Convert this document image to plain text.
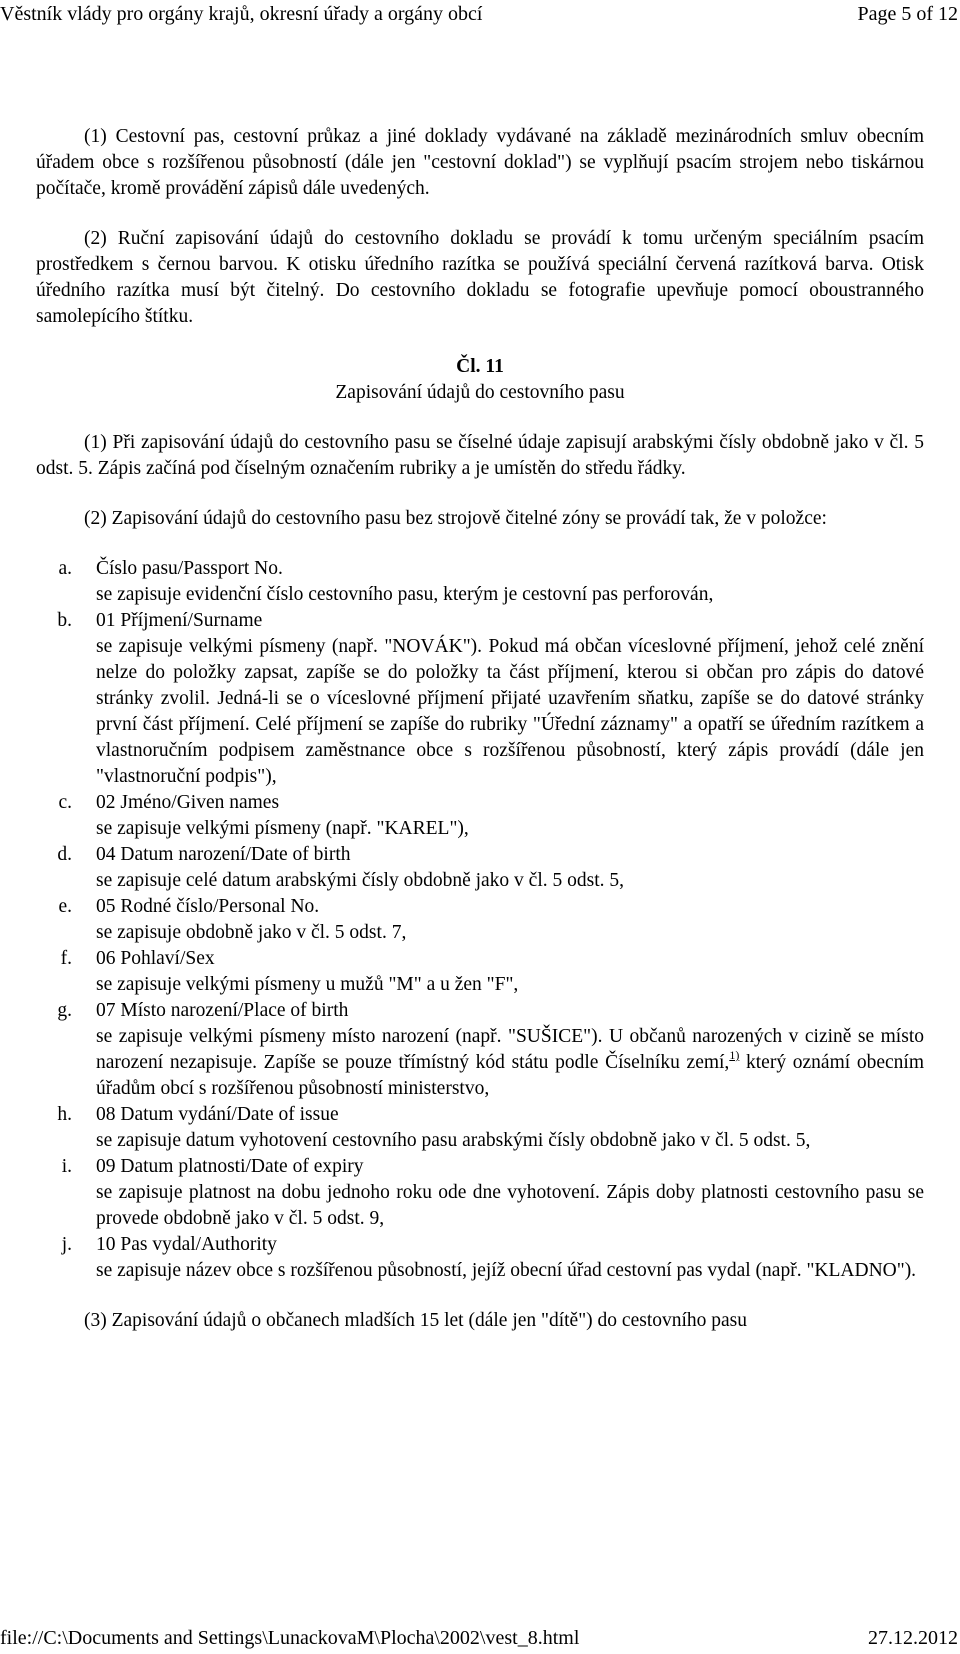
Věstník vlády pro orgány krajů, okresní úřady a orgány obcí	Page 5 of 12

(1) Cestovní pas, cestovní průkaz a jiné doklady vydávané na základě mezinárodních smluv obecním úřadem obce s rozšířenou působností (dále jen "cestovní doklad") se vyplňují psacím strojem nebo tiskárnou počítače, kromě provádění zápisů dále uvedených.

(2) Ruční zapisování údajů do cestovního dokladu se provádí k tomu určeným speciálním psacím prostředkem s černou barvou. K otisku úředního razítka se používá speciální červená razítková barva. Otisk úředního razítka musí být čitelný. Do cestovního dokladu se fotografie upevňuje pomocí oboustranného samolepícího štítku.

Čl. 11

Zapisování údajů do cestovního pasu

(1) Při zapisování údajů do cestovního pasu se číselné údaje zapisují arabskými čísly obdobně jako v čl. 5 odst. 5. Zápis začíná pod číselným označením rubriky a je umístěn do středu řádky.

(2) Zapisování údajů do cestovního pasu bez strojově čitelné zóny se provádí tak, že v položce:

a. Číslo pasu/Passport No.
se zapisuje evidenční číslo cestovního pasu, kterým je cestovní pas perforován,
b. 01 Příjmení/Surname
se zapisuje velkými písmeny (např. "NOVÁK"). Pokud má občan víceslovné příjmení, jehož celé znění nelze do položky zapsat, zapíše se do položky ta část příjmení, kterou si občan pro zápis do datové stránky zvolil. Jedná-li se o víceslovné příjmení přijaté uzavřením sňatku, zapíše se do datové stránky první část příjmení. Celé příjmení se zapíše do rubriky "Úřední záznamy" a opatří se úředním razítkem a vlastnoručním podpisem zaměstnance obce s rozšířenou působností, který zápis provádí (dále jen "vlastnoruční podpis"),
c. 02 Jméno/Given names
se zapisuje velkými písmeny (např. "KAREL"),
d. 04 Datum narození/Date of birth
se zapisuje celé datum arabskými čísly obdobně jako v čl. 5 odst. 5,
e. 05 Rodné číslo/Personal No.
se zapisuje obdobně jako v čl. 5 odst. 7,
f. 06 Pohlaví/Sex
se zapisuje velkými písmeny u mužů "M" a u žen "F",
g. 07 Místo narození/Place of birth
se zapisuje velkými písmeny místo narození (např. "SUŠICE"). U občanů narozených v cizině se místo narození nezapisuje. Zapíše se pouze třímístný kód státu podle Číselníku zemí,$^{1)}$ který oznámí obecním úřadům obcí s rozšířenou působností ministerstvo,
h. 08 Datum vydání/Date of issue
se zapisuje datum vyhotovení cestovního pasu arabskými čísly obdobně jako v čl. 5 odst. 5,
i. 09 Datum platnosti/Date of expiry
se zapisuje platnost na dobu jednoho roku ode dne vyhotovení. Zápis doby platnosti cestovního pasu se provede obdobně jako v čl. 5 odst. 9,
j. 10 Pas vydal/Authority
se zapisuje název obce s rozšířenou působností, jejíž obecní úřad cestovní pas vydal (např. "KLADNO").

(3) Zapisování údajů o občanech mladších 15 let (dále jen "dítě") do cestovního pasu

file://C:\Documents and Settings\LunackovaM\Plocha\2002\vest_8.html	27.12.2012
